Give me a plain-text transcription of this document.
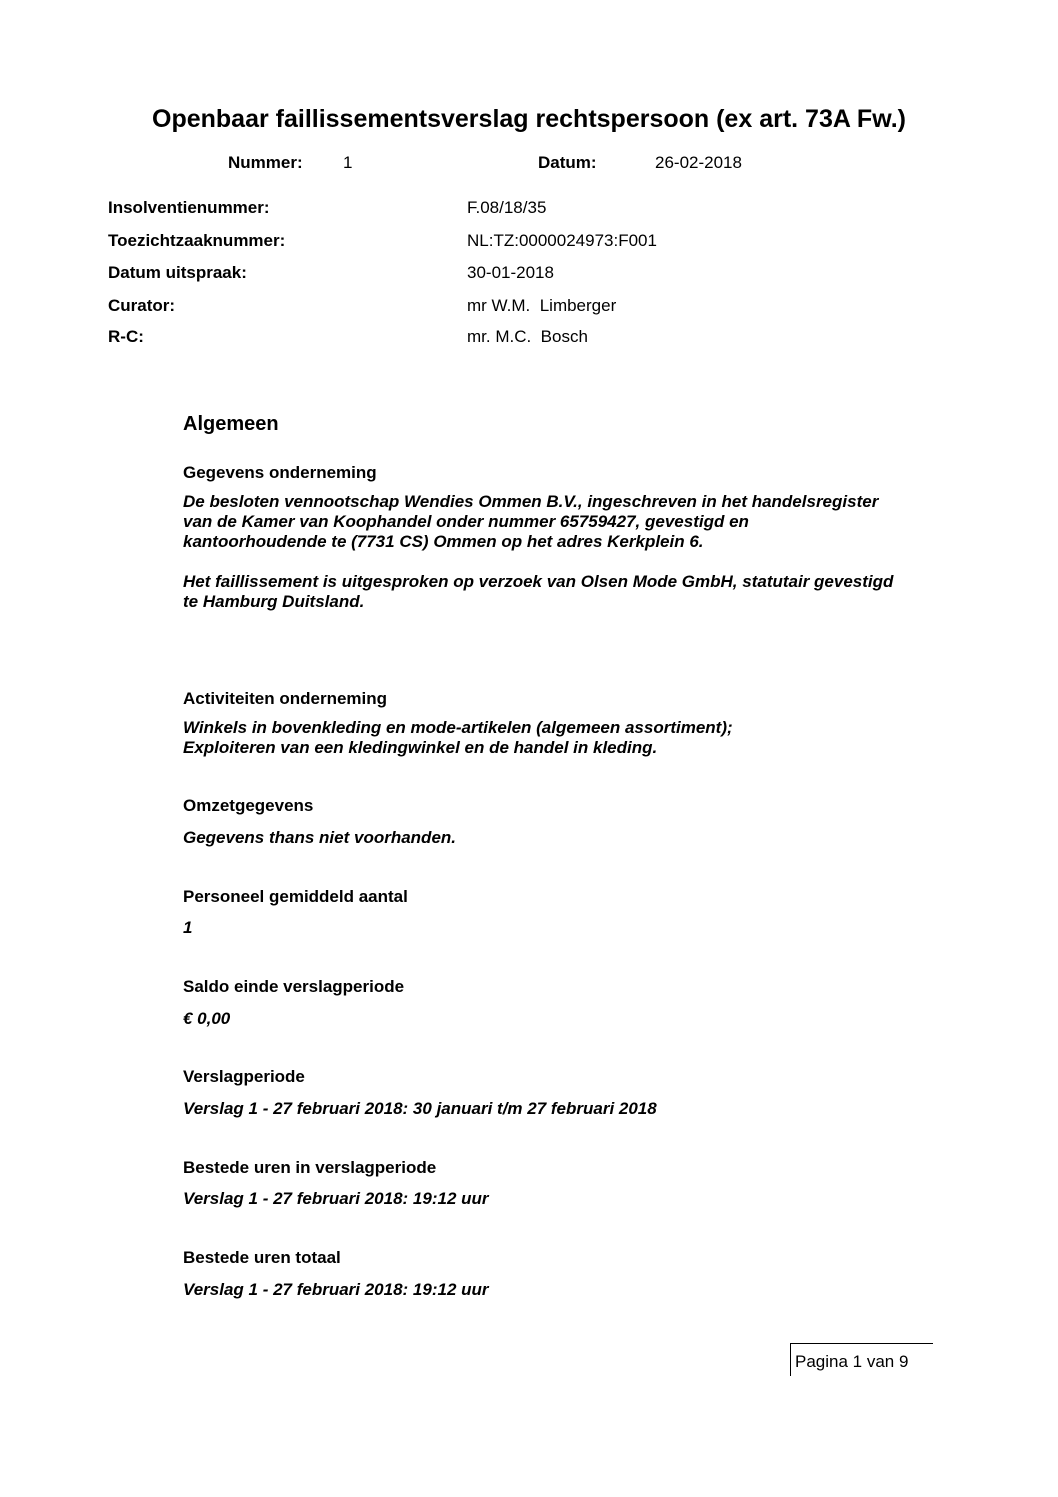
Openbaar faillissementsverslag rechtspersoon (ex art. 73A Fw.)
Nummer: 1	Datum:	26-02-2018
Insolventienummer:	F.08/18/35
Toezichtzaaknummer:	NL:TZ:0000024973:F001
Datum uitspraak:	30-01-2018
Curator:	mr W.M.  Limberger
R-C:	mr. M.C.  Bosch
Algemeen
Gegevens onderneming
De besloten vennootschap Wendies Ommen B.V., ingeschreven in het handelsregister
van de Kamer van Koophandel onder nummer 65759427, gevestigd en
kantoorhoudende te (7731 CS) Ommen op het adres Kerkplein 6.
Het faillissement is uitgesproken op verzoek van Olsen Mode GmbH, statutair gevestigd
te Hamburg Duitsland.
Activiteiten onderneming
Winkels in bovenkleding en mode-artikelen (algemeen assortiment);
Exploiteren van een kledingwinkel en de handel in kleding.
Omzetgegevens
Gegevens thans niet voorhanden.
Personeel gemiddeld aantal
1
Saldo einde verslagperiode
€ 0,00
Verslagperiode
Verslag 1 - 27 februari 2018: 30 januari t/m 27 februari 2018
Bestede uren in verslagperiode
Verslag 1 - 27 februari 2018: 19:12 uur
Bestede uren totaal
Verslag 1 - 27 februari 2018: 19:12 uur
Pagina 1 van 9
